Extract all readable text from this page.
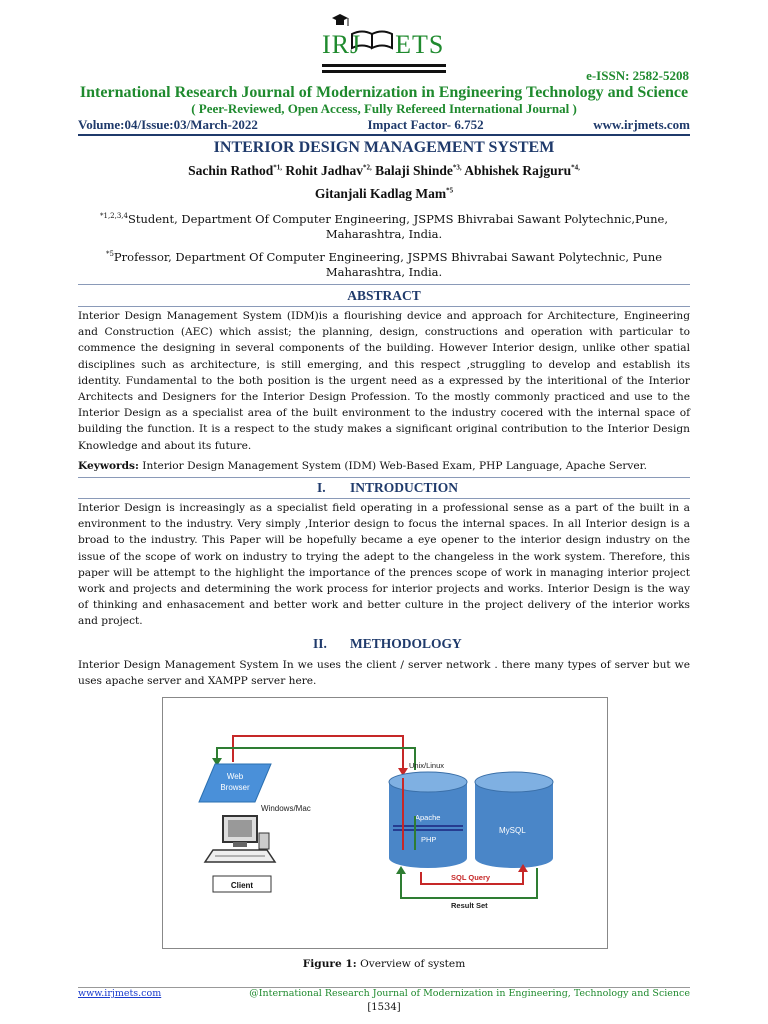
IRJ ETS
e-ISSN: 2582-5208
International Research Journal of Modernization in Engineering Technology and Science
( Peer-Reviewed, Open Access, Fully Refereed International Journal )
Volume:04/Issue:03/March-2022	Impact Factor- 6.752	www.irjmets.com
INTERIOR DESIGN MANAGEMENT SYSTEM
Sachin Rathod$^{*1,}$ Rohit Jadhav$^{*2,}$ Balaji Shinde$^{*3,}$ Abhishek Rajguru$^{*4,}$
Gitanjali Kadlag Mam$^{*5}$
$^{*1,2,3,4}$Student, Department Of Computer Engineering, JSPMS Bhivrabai Sawant Polytechnic,Pune,
Maharashtra, India.
$^{*5}$Professor, Department Of Computer Engineering, JSPMS Bhivrabai Sawant Polytechnic, Pune
Maharashtra, India.
ABSTRACT
Interior Design Management System (IDM)is a flourishing device and approach for Architecture, Engineering and Construction (AEC) which assist; the planning, design, constructions and operation with particular to commence the designing in several components of the building. However Interior design, unlike other spatial disciplines such as architecture, is still emerging, and this respect ,struggling to develop and establish its identity. Fundamental to the both position is the urgent need as a expressed by the interitional of the Interior Architects and Designers for the Interior Design Profession. To the mostly commonly practiced and use to the Interior Design as a specialist area of the built environment to the industry cocered with the internal space of building the function. It is a respect to the study makes a significant original contribution to the Interior Design Knowledge and about its future.
Keywords: Interior Design Management System (IDM) Web-Based Exam, PHP Language, Apache Server.
I. INTRODUCTION
Interior Design is increasingly as a specialist field operating in a professional sense as a part of the built in a environment to the industry. Very simply ,Interior design to focus the internal spaces. In all Interior design is a broad to the industry. This Paper will be hopefully became a eye opener to the interior design industry on the issue of the scope of work on industry to trying the adept to the changeless in the work system. Therefore, this paper will be attempt to the highlight the importance of the prences scope of work in managing interior project work and projects and determining the work process for interior projects and works. Interior Design is the way of thinking and enhasacement and better work and better culture in the project delivery of the interior works and project.
II. METHODOLOGY
Interior Design Management System In we uses the client / server network . there many types of server but we uses apache server and XAMPP server here.
Web
Browser
Windows/Mac
Client
Unix/Linux
Apache
PHP
MySQL
SQL Query
Result Set
Figure 1: Overview of system
www.irjmets.com	@International Research Journal of Modernization in Engineering, Technology and Science
[1534]
